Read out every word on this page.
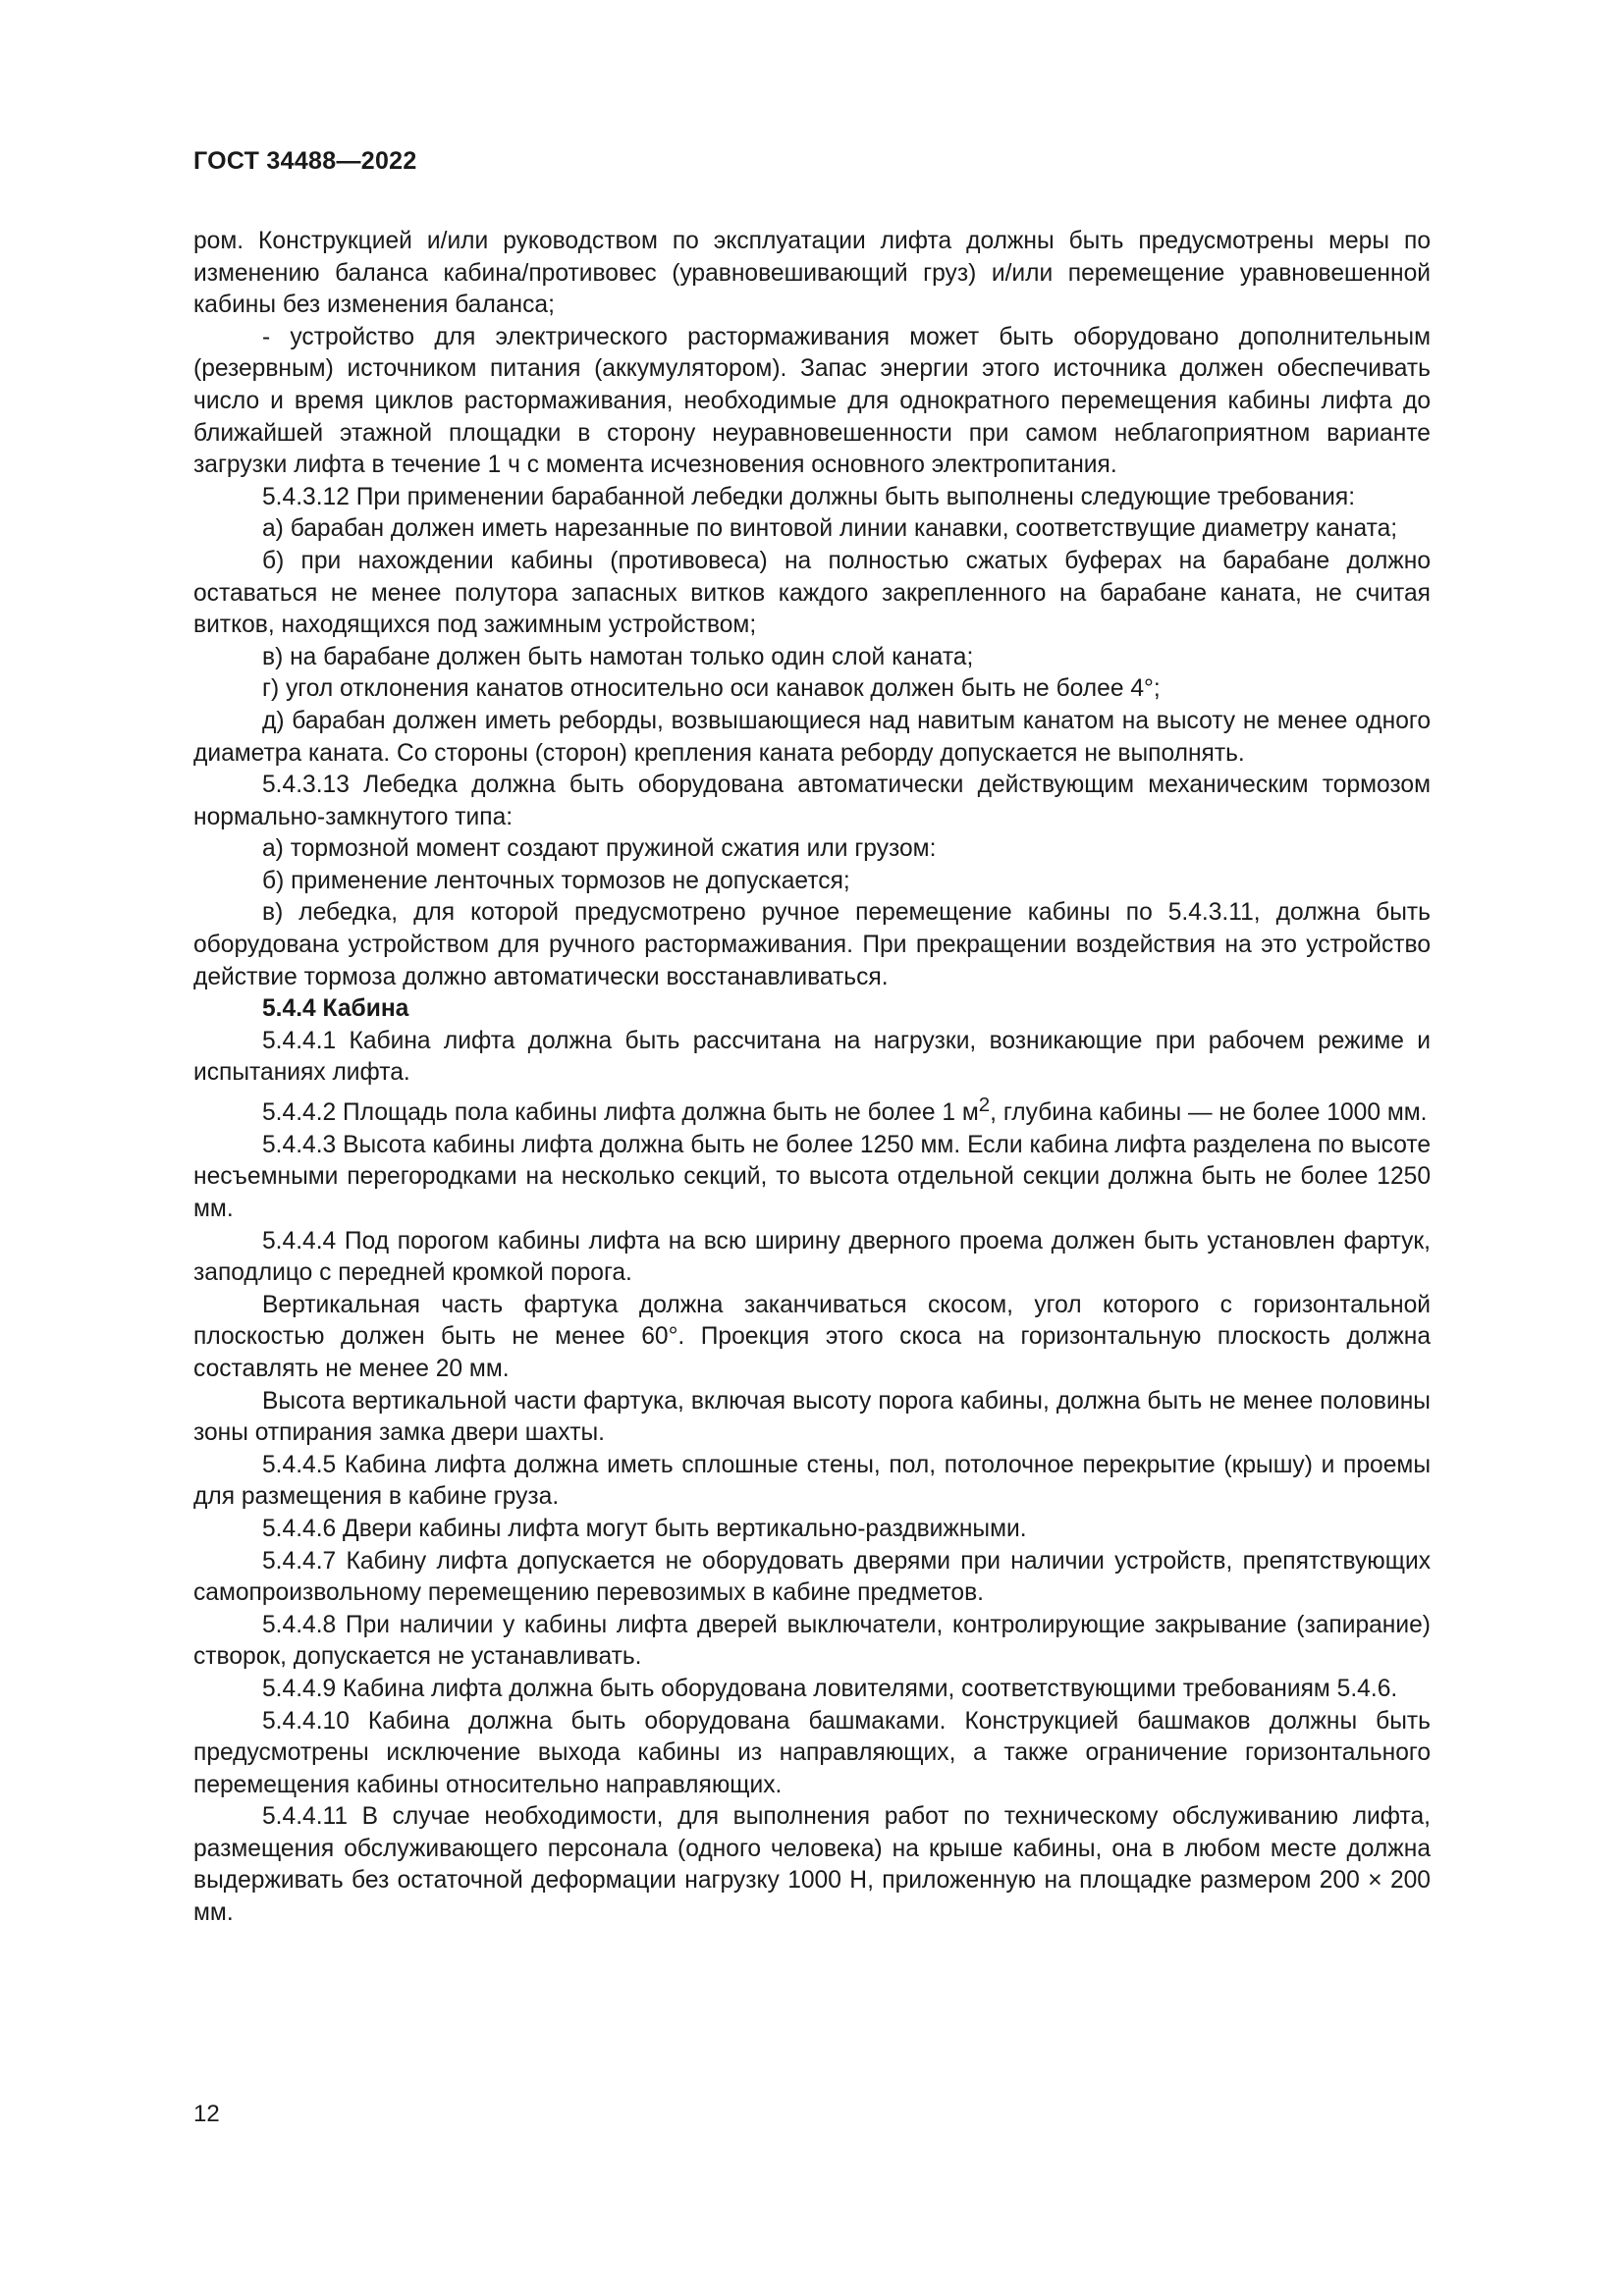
ГОСТ 34488—2022

ром. Конструкцией и/или руководством по эксплуатации лифта должны быть предусмотрены меры по изменению баланса кабина/противовес (уравновешивающий груз) и/или перемещение уравновешенной кабины без изменения баланса;

- устройство для электрического растормаживания может быть оборудовано дополнительным (резервным) источником питания (аккумулятором). Запас энергии этого источника должен обеспечивать число и время циклов растормаживания, необходимые для однократного перемещения кабины лифта до ближайшей этажной площадки в сторону неуравновешенности при самом неблагоприятном варианте загрузки лифта в течение 1 ч с момента исчезновения основного электропитания.

5.4.3.12 При применении барабанной лебедки должны быть выполнены следующие требования:

а) барабан должен иметь нарезанные по винтовой линии канавки, соответствущие диаметру каната;

б) при нахождении кабины (противовеса) на полностью сжатых буферах на барабане должно оставаться не менее полутора запасных витков каждого закрепленного на барабане каната, не считая витков, находящихся под зажимным устройством;

в) на барабане должен быть намотан только один слой каната;

г) угол отклонения канатов относительно оси канавок должен быть не более 4°;

д) барабан должен иметь реборды, возвышающиеся над навитым канатом на высоту не менее одного диаметра каната. Со стороны (сторон) крепления каната реборду допускается не выполнять.

5.4.3.13 Лебедка должна быть оборудована автоматически действующим механическим тормозом нормально-замкнутого типа:

а) тормозной момент создают пружиной сжатия или грузом:

б) применение ленточных тормозов не допускается;

в) лебедка, для которой предусмотрено ручное перемещение кабины по 5.4.3.11, должна быть оборудована устройством для ручного растормаживания. При прекращении воздействия на это устройство действие тормоза должно автоматически восстанавливаться.

5.4.4 Кабина

5.4.4.1 Кабина лифта должна быть рассчитана на нагрузки, возникающие при рабочем режиме и испытаниях лифта.

5.4.4.2 Площадь пола кабины лифта должна быть не более 1 $м^2$, глубина кабины — не более 1000 мм.

5.4.4.3 Высота кабины лифта должна быть не более 1250 мм. Если кабина лифта разделена по высоте несъемными перегородками на несколько секций, то высота отдельной секции должна быть не более 1250 мм.

5.4.4.4 Под порогом кабины лифта на всю ширину дверного проема должен быть установлен фартук, заподлицо с передней кромкой порога.

Вертикальная часть фартука должна заканчиваться скосом, угол которого с горизонтальной плоскостью должен быть не менее 60°. Проекция этого скоса на горизонтальную плоскость должна составлять не менее 20 мм.

Высота вертикальной части фартука, включая высоту порога кабины, должна быть не менее половины зоны отпирания замка двери шахты.

5.4.4.5 Кабина лифта должна иметь сплошные стены, пол, потолочное перекрытие (крышу) и проемы для размещения в кабине груза.

5.4.4.6 Двери кабины лифта могут быть вертикально-раздвижными.

5.4.4.7 Кабину лифта допускается не оборудовать дверями при наличии устройств, препятствующих самопроизвольному перемещению перевозимых в кабине предметов.

5.4.4.8 При наличии у кабины лифта дверей выключатели, контролирующие закрывание (запирание) створок, допускается не устанавливать.

5.4.4.9 Кабина лифта должна быть оборудована ловителями, соответствующими требованиям 5.4.6.

5.4.4.10 Кабина должна быть оборудована башмаками. Конструкцией башмаков должны быть предусмотрены исключение выхода кабины из направляющих, а также ограничение горизонтального перемещения кабины относительно направляющих.

5.4.4.11 В случае необходимости, для выполнения работ по техническому обслуживанию лифта, размещения обслуживающего персонала (одного человека) на крыше кабины, она в любом месте должна выдерживать без остаточной деформации нагрузку 1000 Н, приложенную на площадке размером 200 × 200 мм.

12
